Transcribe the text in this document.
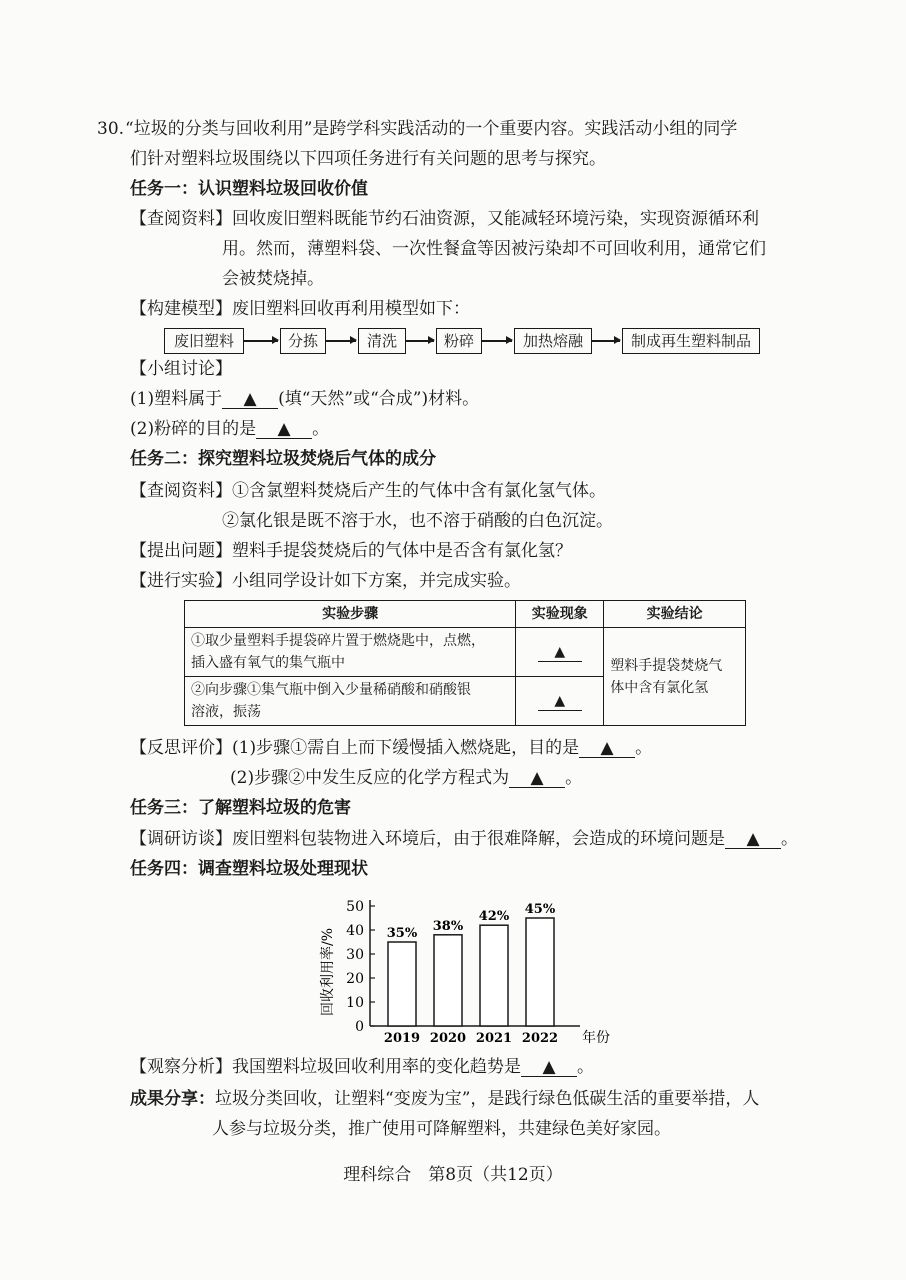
30. “垃圾的分类与回收利用”是跨学科实践活动的一个重要内容。实践活动小组的同学
们针对塑料垃圾围绕以下四项任务进行有关问题的思考与探究。
任务一：认识塑料垃圾回收价值
【查阅资料】回收废旧塑料既能节约石油资源，又能减轻环境污染，实现资源循环利
用。然而，薄塑料袋、一次性餐盒等因被污染却不可回收利用，通常它们
会被焚烧掉。
【构建模型】废旧塑料回收再利用模型如下：
废旧塑料	分拣	清洗	粉碎	加热熔融	制成再生塑料制品
【小组讨论】
(1)塑料属于 ▲ (填“天然”或“合成”)材料。
(2)粉碎的目的是 ▲ 。
任务二：探究塑料垃圾焚烧后气体的成分
【查阅资料】①含氯塑料焚烧后产生的气体中含有氯化氢气体。
②氯化银是既不溶于水，也不溶于硝酸的白色沉淀。
【提出问题】塑料手提袋焚烧后的气体中是否含有氯化氢？
【进行实验】小组同学设计如下方案，并完成实验。
实验步骤	实验现象	实验结论
①取少量塑料手提袋碎片置于燃烧匙中，点燃，
插入盛有氧气的集气瓶中	▲	塑料手提袋焚烧气
体中含有氯化氢
②向步骤①集气瓶中倒入少量稀硝酸和硝酸银
溶液，振荡	▲	
【反思评价】(1)步骤①需自上而下缓慢插入燃烧匙，目的是 ▲ 。
(2)步骤②中发生反应的化学方程式为 ▲ 。
任务三：了解塑料垃圾的危害
【调研访谈】废旧塑料包装物进入环境后，由于很难降解，会造成的环境问题是 ▲ 。
任务四：调查塑料垃圾处理现状
回收利用率/%
0
10
20
30
40
50
年份
35%
2019
38%
2020
42%
2021
45%
2022
【观察分析】我国塑料垃圾回收利用率的变化趋势是 ▲ 。
成果分享：垃圾分类回收，让塑料“变废为宝”，是践行绿色低碳生活的重要举措，人
人参与垃圾分类，推广使用可降解塑料，共建绿色美好家园。
理科综合　第8页（共12页）
